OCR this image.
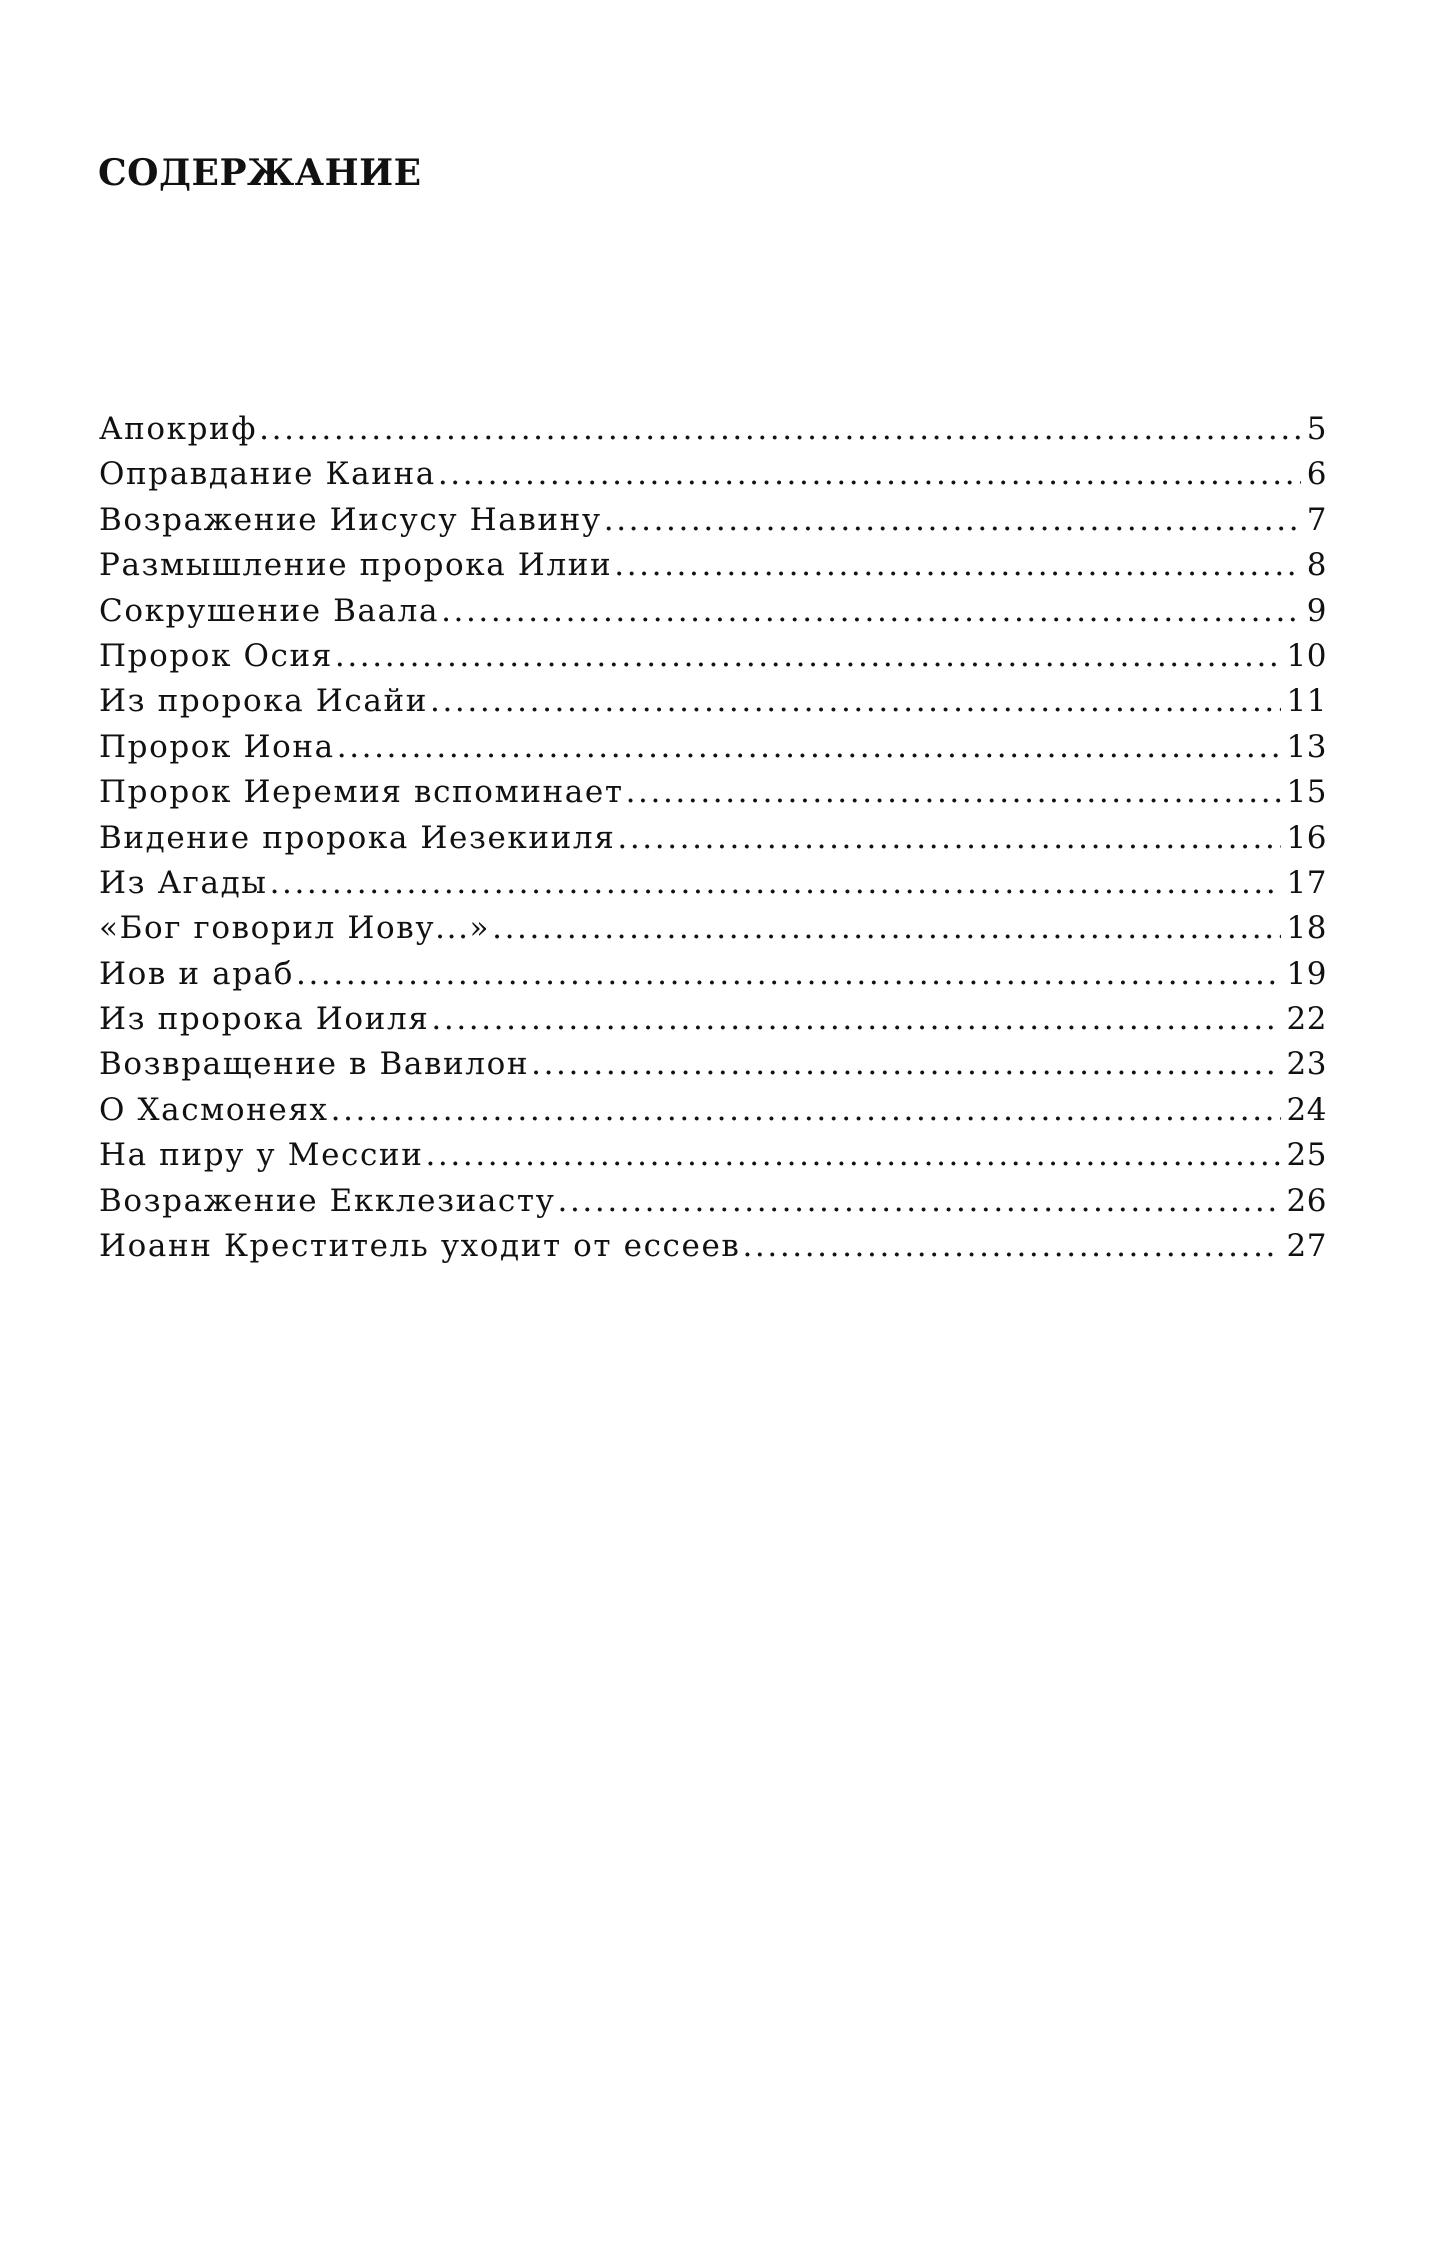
СОДЕРЖАНИЕ
Апокриф .....	5
Оправдание Каина .....	6
Возражение Иисусу Навину .....	7
Размышление пророка Илии .....	8
Сокрушение Ваала .....	9
Пророк Осия .....	10
Из пророка Исайи .....	11
Пророк Иона .....	13
Пророк Иеремия вспоминает .....	15
Видение пророка Иезекииля .....	16
Из Агады .....	17
«Бог говорил Иову...» .....	18
Иов и араб .....	19
Из пророка Иоиля .....	22
Возвращение в Вавилон .....	23
О Хасмонеях .....	24
На пиру у Мессии .....	25
Возражение Екклезиасту .....	26
Иоанн Креститель уходит от ессеев .....	27
